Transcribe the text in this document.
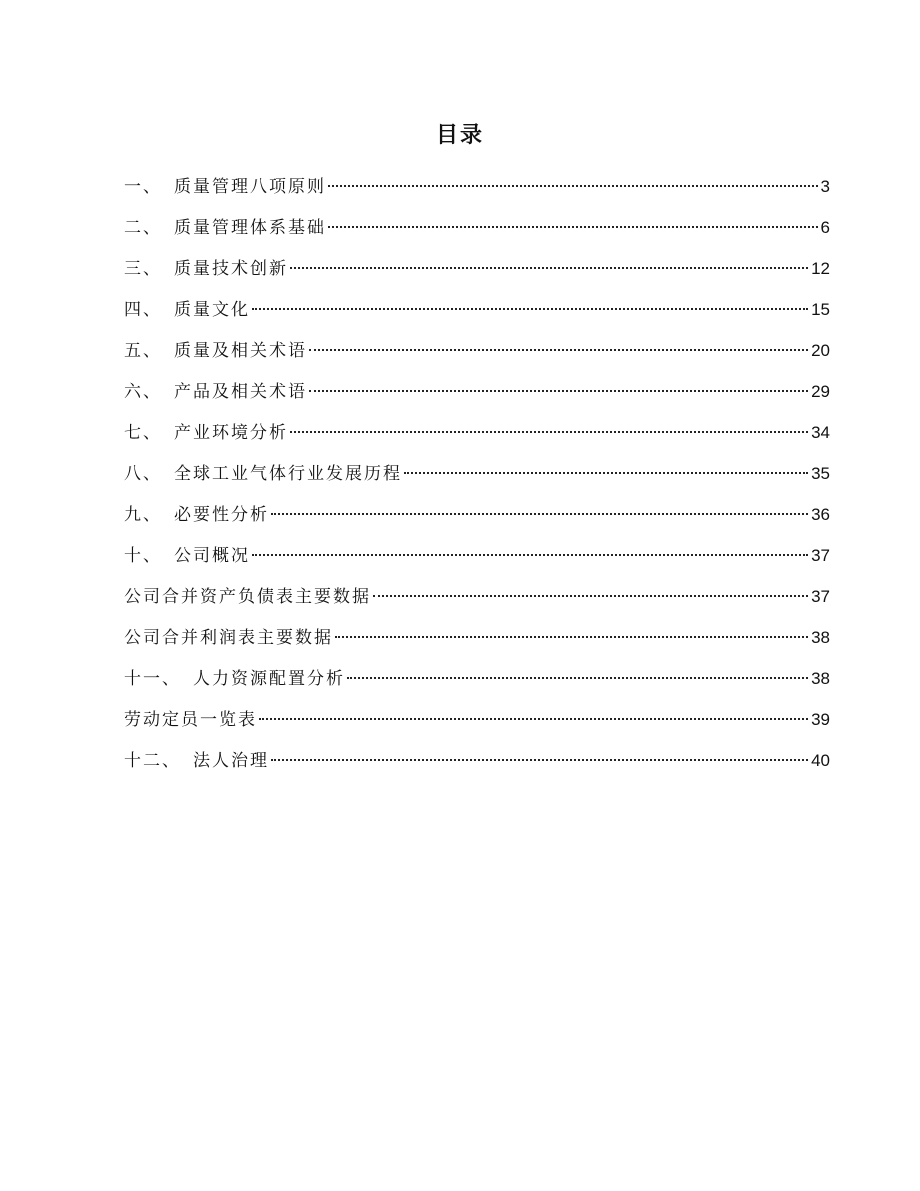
目录
一、 质量管理八项原则	3
二、 质量管理体系基础	6
三、 质量技术创新	12
四、 质量文化	15
五、 质量及相关术语	20
六、 产品及相关术语	29
七、 产业环境分析	34
八、 全球工业气体行业发展历程	35
九、 必要性分析	36
十、 公司概况	37
公司合并资产负债表主要数据	37
公司合并利润表主要数据	38
十一、 人力资源配置分析	38
劳动定员一览表	39
十二、 法人治理	40
